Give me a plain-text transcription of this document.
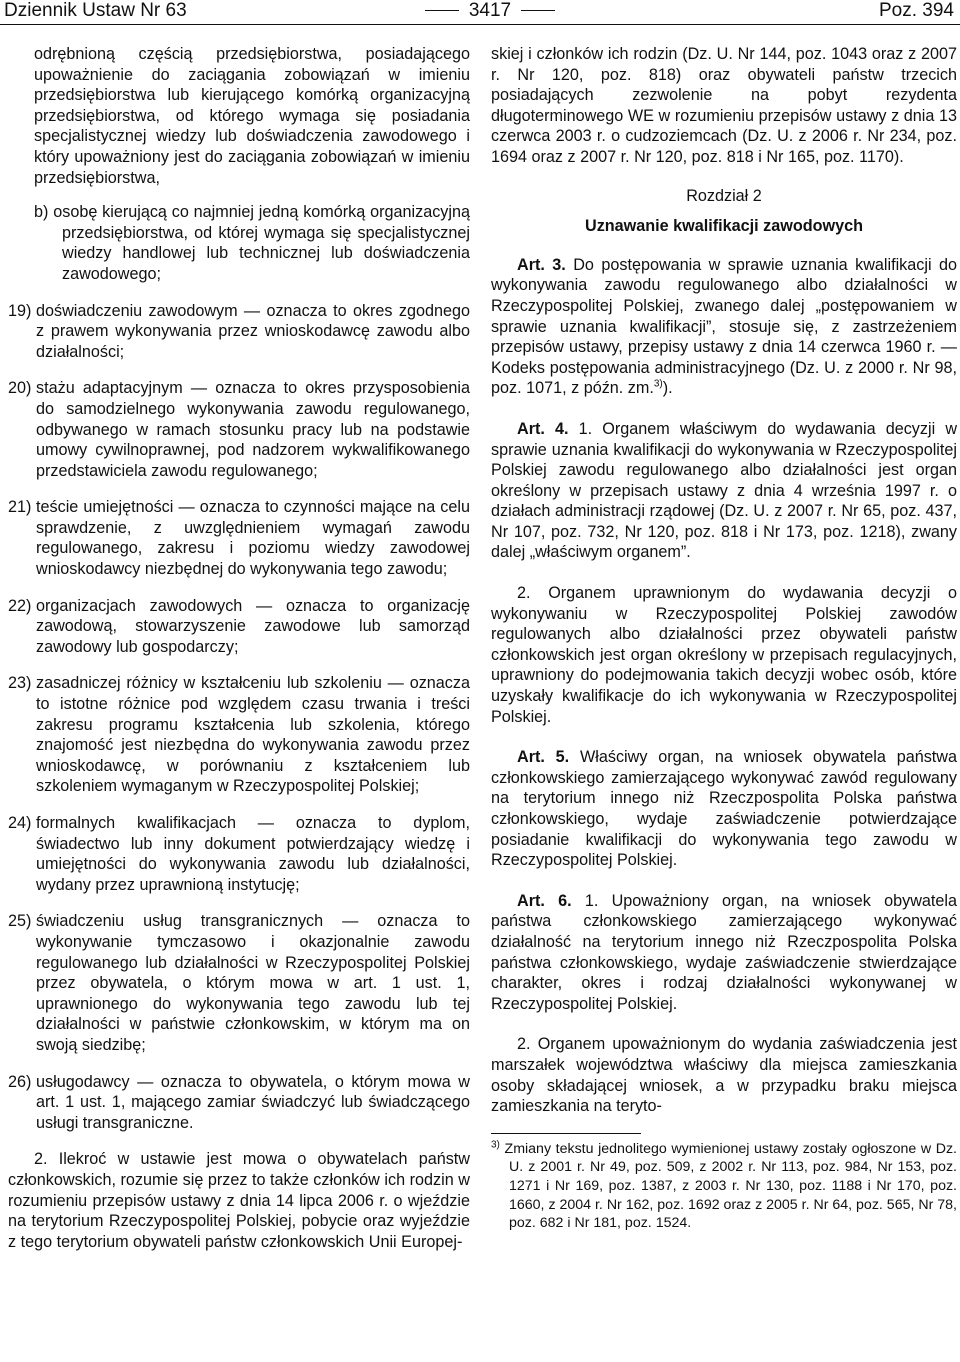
Dziennik Ustaw Nr 63	3417	Poz. 394

odrębnioną częścią przedsiębiorstwa, posiadającego upoważnienie do zaciągania zobowiązań w imieniu przedsiębiorstwa lub kierującego komórką organizacyjną przedsiębiorstwa, od którego wymaga się posiadania specjalistycznej wiedzy lub doświadczenia zawodowego i który upoważniony jest do zaciągania zobowiązań w imieniu przedsiębiorstwa,

b) osobę kierującą co najmniej jedną komórką organizacyjną przedsiębiorstwa, od której wymaga się specjalistycznej wiedzy handlowej lub technicznej lub doświadczenia zawodowego;

19) doświadczeniu zawodowym — oznacza to okres zgodnego z prawem wykonywania przez wnioskodawcę zawodu albo działalności;

20) stażu adaptacyjnym — oznacza to okres przysposobienia do samodzielnego wykonywania zawodu regulowanego, odbywanego w ramach stosunku pracy lub na podstawie umowy cywilnoprawnej, pod nadzorem wykwalifikowanego przedstawiciela zawodu regulowanego;

21) teście umiejętności — oznacza to czynności mające na celu sprawdzenie, z uwzględnieniem wymagań zawodu regulowanego, zakresu i poziomu wiedzy zawodowej wnioskodawcy niezbędnej do wykonywania tego zawodu;

22) organizacjach zawodowych — oznacza to organizację zawodową, stowarzyszenie zawodowe lub samorząd zawodowy lub gospodarczy;

23) zasadniczej różnicy w kształceniu lub szkoleniu — oznacza to istotne różnice pod względem czasu trwania i treści zakresu programu kształcenia lub szkolenia, którego znajomość jest niezbędna do wykonywania zawodu przez wnioskodawcę, w porównaniu z kształceniem lub szkoleniem wymaganym w Rzeczypospolitej Polskiej;

24) formalnych kwalifikacjach — oznacza to dyplom, świadectwo lub inny dokument potwierdzający wiedzę i umiejętności do wykonywania zawodu lub działalności, wydany przez uprawnioną instytucję;

25) świadczeniu usług transgranicznych — oznacza to wykonywanie tymczasowo i okazjonalnie zawodu regulowanego lub działalności w Rzeczypospolitej Polskiej przez obywatela, o którym mowa w art. 1 ust. 1, uprawnionego do wykonywania tego zawodu lub tej działalności w państwie członkowskim, w którym ma on swoją siedzibę;

26) usługodawcy — oznacza to obywatela, o którym mowa w art. 1 ust. 1, mającego zamiar świadczyć lub świadczącego usługi transgraniczne.

2. Ilekroć w ustawie jest mowa o obywatelach państw członkowskich, rozumie się przez to także członków ich rodzin w rozumieniu przepisów ustawy z dnia 14 lipca 2006 r. o wjeździe na terytorium Rzeczypospolitej Polskiej, pobycie oraz wyjeździe z tego terytorium obywateli państw członkowskich Unii Europej-

skiej i członków ich rodzin (Dz. U. Nr 144, poz. 1043 oraz z 2007 r. Nr 120, poz. 818) oraz obywateli państw trzecich posiadających zezwolenie na pobyt rezydenta długoterminowego WE w rozumieniu przepisów ustawy z dnia 13 czerwca 2003 r. o cudzoziemcach (Dz. U. z 2006 r. Nr 234, poz. 1694 oraz z 2007 r. Nr 120, poz. 818 i Nr 165, poz. 1170).

Rozdział 2

Uznawanie kwalifikacji zawodowych

Art. 3. Do postępowania w sprawie uznania kwalifikacji do wykonywania zawodu regulowanego albo działalności w Rzeczypospolitej Polskiej, zwanego dalej „postępowaniem w sprawie uznania kwalifikacji”, stosuje się, z zastrzeżeniem przepisów ustawy, przepisy ustawy z dnia 14 czerwca 1960 r. — Kodeks postępowania administracyjnego (Dz. U. z 2000 r. Nr 98, poz. 1071, z późn. zm.$^{3)}$).

Art. 4. 1. Organem właściwym do wydawania decyzji w sprawie uznania kwalifikacji do wykonywania w Rzeczypospolitej Polskiej zawodu regulowanego albo działalności jest organ określony w przepisach ustawy z dnia 4 września 1997 r. o działach administracji rządowej (Dz. U. z 2007 r. Nr 65, poz. 437, Nr 107, poz. 732, Nr 120, poz. 818 i Nr 173, poz. 1218), zwany dalej „właściwym organem”.

2. Organem uprawnionym do wydawania decyzji o wykonywaniu w Rzeczypospolitej Polskiej zawodów regulowanych albo działalności przez obywateli państw członkowskich jest organ określony w przepisach regulacyjnych, uprawniony do podejmowania takich decyzji wobec osób, które uzyskały kwalifikacje do ich wykonywania w Rzeczypospolitej Polskiej.

Art. 5. Właściwy organ, na wniosek obywatela państwa członkowskiego zamierzającego wykonywać zawód regulowany na terytorium innego niż Rzeczpospolita Polska państwa członkowskiego, wydaje zaświadczenie potwierdzające posiadanie kwalifikacji do wykonywania tego zawodu w Rzeczypospolitej Polskiej.

Art. 6. 1. Upoważniony organ, na wniosek obywatela państwa członkowskiego zamierzającego wykonywać działalność na terytorium innego niż Rzeczpospolita Polska państwa członkowskiego, wydaje zaświadczenie stwierdzające charakter, okres i rodzaj działalności wykonywanej w Rzeczypospolitej Polskiej.

2. Organem upoważnionym do wydania zaświadczenia jest marszałek województwa właściwy dla miejsca zamieszkania osoby składającej wniosek, a w przypadku braku miejsca zamieszkania na teryto-

$^{3)}$ Zmiany tekstu jednolitego wymienionej ustawy zostały ogłoszone w Dz. U. z 2001 r. Nr 49, poz. 509, z 2002 r. Nr 113, poz. 984, Nr 153, poz. 1271 i Nr 169, poz. 1387, z 2003 r. Nr 130, poz. 1188 i Nr 170, poz. 1660, z 2004 r. Nr 162, poz. 1692 oraz z 2005 r. Nr 64, poz. 565, Nr 78, poz. 682 i Nr 181, poz. 1524.
